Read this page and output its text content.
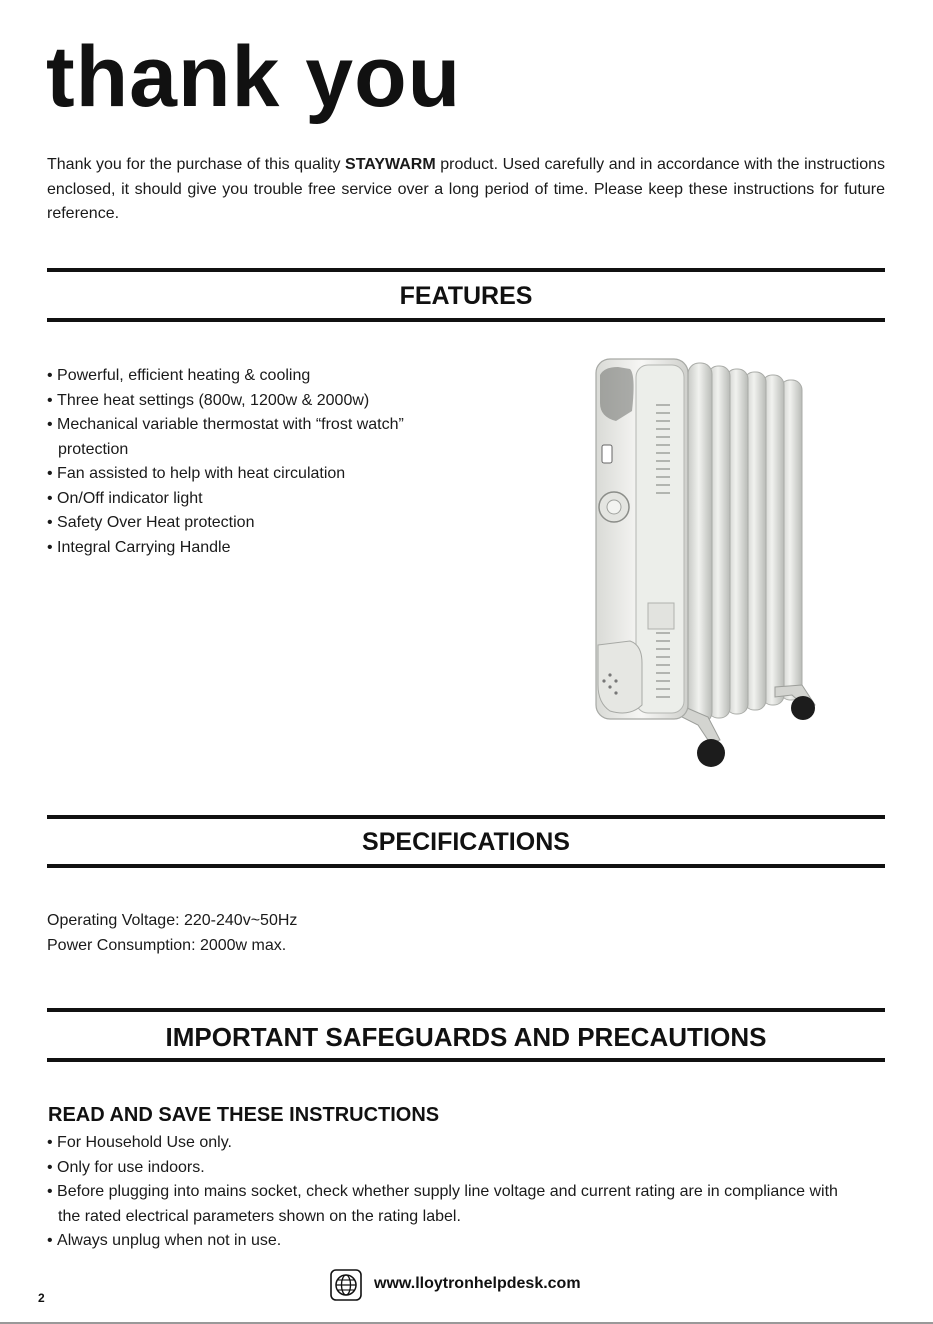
thank you

Thank you for the purchase of this quality STAYWARM product. Used carefully and in accordance with the instructions enclosed, it should give you trouble free service over a long period of time. Please keep these instructions for future reference.

FEATURES
• Powerful, efficient heating & cooling
• Three heat settings (800w, 1200w & 2000w)
• Mechanical variable thermostat with “frost watch” protection
• Fan assisted to help with heat circulation
• On/Off indicator light
• Safety Over Heat protection
• Integral Carrying Handle
SPECIFICATIONS
Operating Voltage: 220-240v~50Hz
Power Consumption: 2000w max.
IMPORTANT SAFEGUARDS AND PRECAUTIONS
READ AND SAVE THESE INSTRUCTIONS
• For Household Use only.
• Only for use indoors.
• Before plugging into mains socket, check whether supply line voltage and current rating are in compliance with the rated electrical parameters shown on the rating label.
• Always unplug when not in use.
www.lloytronhelpdesk.com
2
